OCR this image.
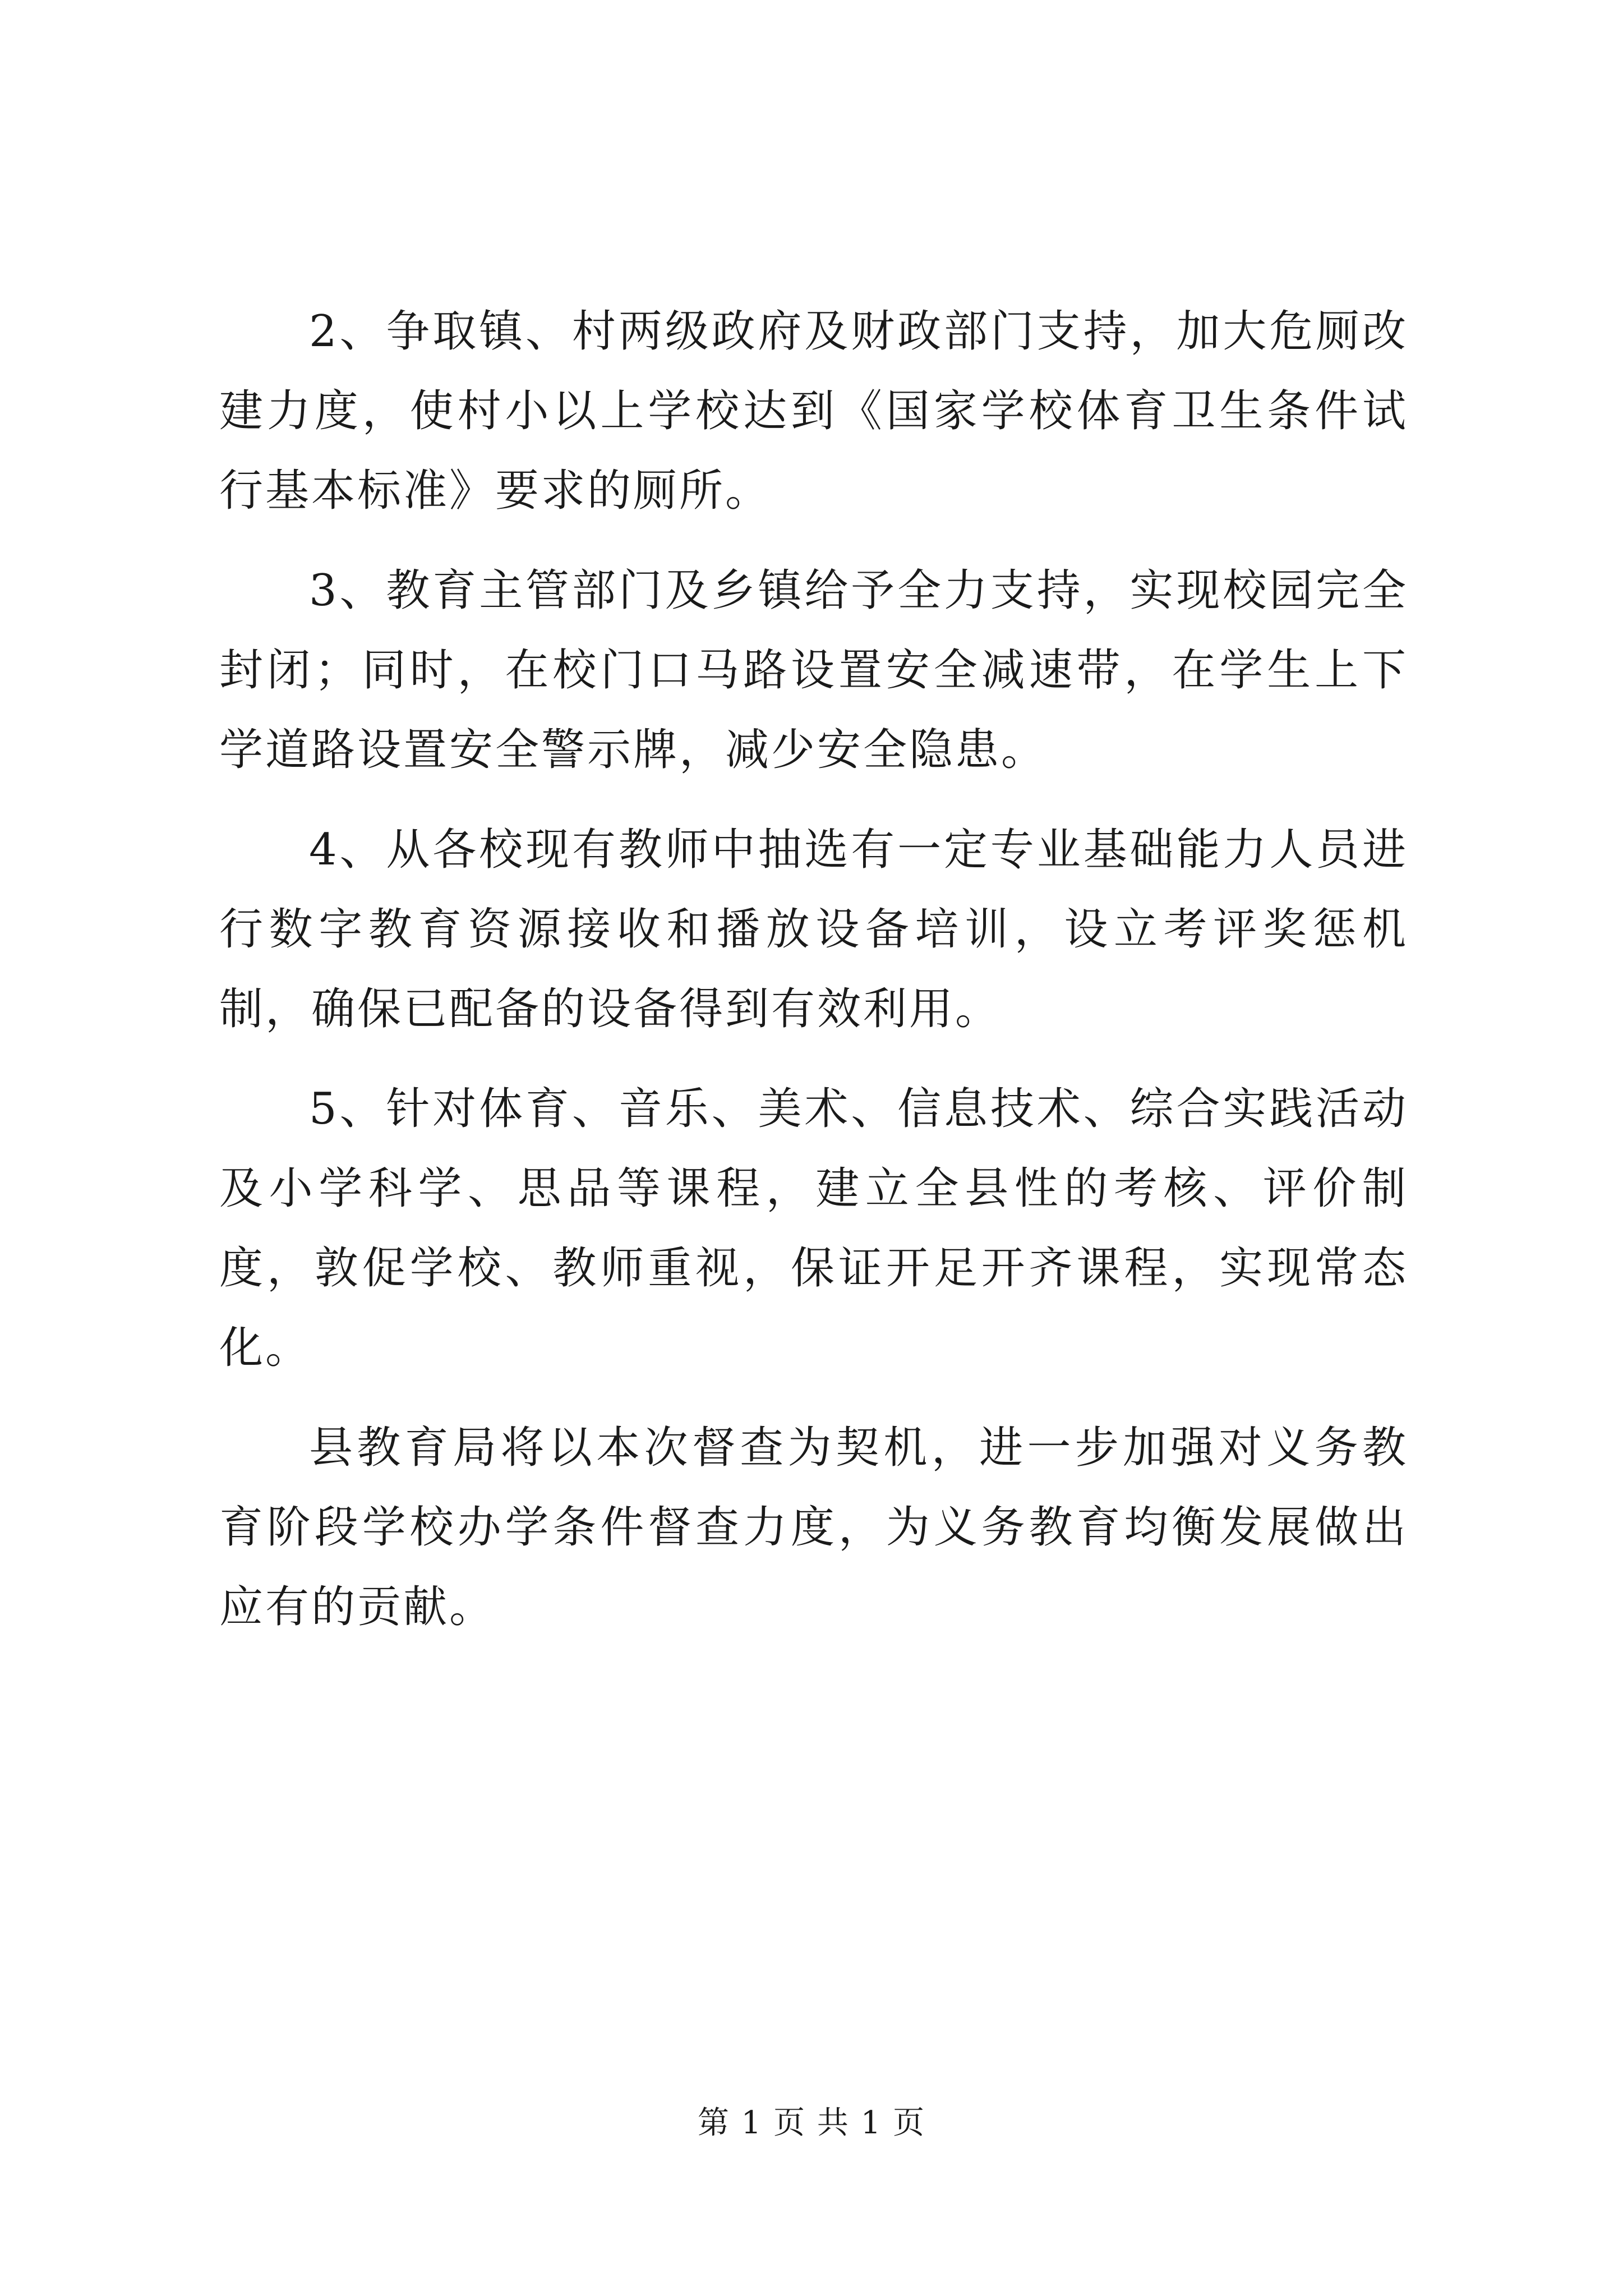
2、争取镇、村两级政府及财政部门支持，加大危厕改建力度，使村小以上学校达到《国家学校体育卫生条件试行基本标准》要求的厕所。

3、教育主管部门及乡镇给予全力支持，实现校园完全封闭；同时，在校门口马路设置安全减速带，在学生上下学道路设置安全警示牌，减少安全隐患。

4、从各校现有教师中抽选有一定专业基础能力人员进行数字教育资源接收和播放设备培训，设立考评奖惩机制，确保已配备的设备得到有效利用。

5、针对体育、音乐、美术、信息技术、综合实践活动及小学科学、思品等课程，建立全县性的考核、评价制度，敦促学校、教师重视，保证开足开齐课程，实现常态化。

县教育局将以本次督查为契机，进一步加强对义务教育阶段学校办学条件督查力度，为义务教育均衡发展做出应有的贡献。

第 1 页 共 1 页
